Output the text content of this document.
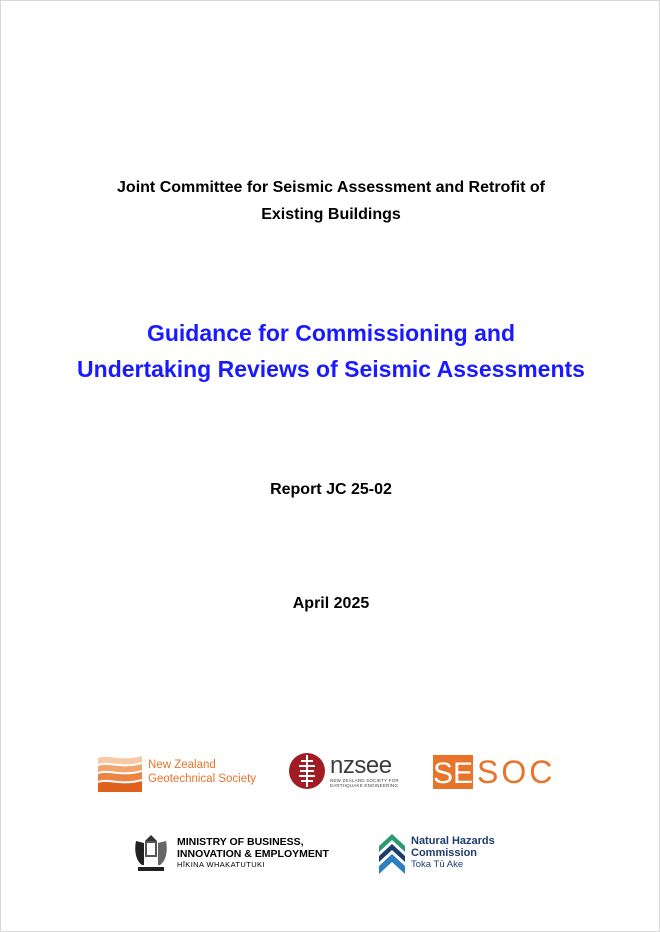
Joint Committee for Seismic Assessment and Retrofit of
Existing Buildings
Guidance for Commissioning and
Undertaking Reviews of Seismic Assessments
Report JC 25-02
April 2025
New Zealand
Geotechnical Society	nzsee
NEW ZEALAND SOCIETY FOR EARTHQUAKE ENGINEERING SE SOC
MINISTRY OF BUSINESS,
INNOVATION & EMPLOYMENT
HĪKINA WHAKATUTUKI
Natural Hazards
Commission
Toka Tū Ake
